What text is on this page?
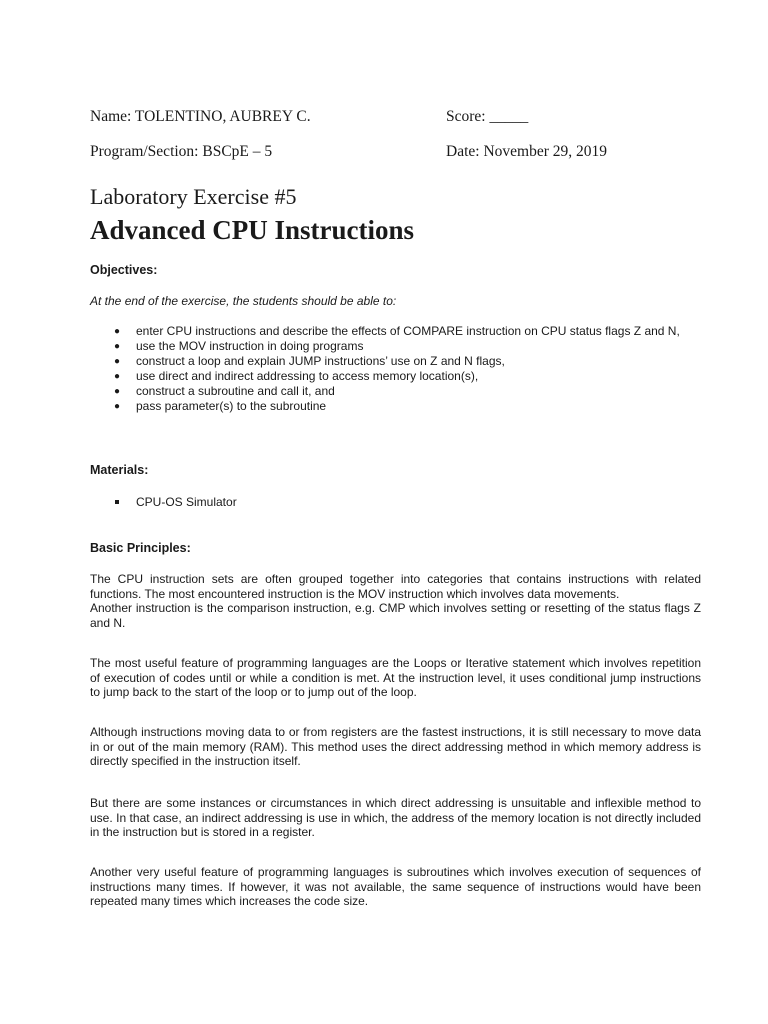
Name: TOLENTINO, AUBREY C.	Score: _____
Program/Section: BSCpE – 5	Date: November 29, 2019
Laboratory Exercise #5
Advanced CPU Instructions
Objectives:
At the end of the exercise, the students should be able to:
● enter CPU instructions and describe the effects of COMPARE instruction on CPU status flags Z and N,
● use the MOV instruction in doing programs
● construct a loop and explain JUMP instructions’ use on Z and N flags,
● use direct and indirect addressing to access memory location(s),
● construct a subroutine and call it, and
● pass parameter(s) to the subroutine
Materials:
CPU-OS Simulator
Basic Principles:
The CPU instruction sets are often grouped together into categories that contains instructions with related functions. The most encountered instruction is the MOV instruction which involves data movements.
Another instruction is the comparison instruction, e.g. CMP which involves setting or resetting of the status flags Z and N.
The most useful feature of programming languages are the Loops or Iterative statement which involves repetition of execution of codes until or while a condition is met. At the instruction level, it uses conditional jump instructions to jump back to the start of the loop or to jump out of the loop.
Although instructions moving data to or from registers are the fastest instructions, it is still necessary to move data in or out of the main memory (RAM). This method uses the direct addressing method in which memory address is directly specified in the instruction itself.
But there are some instances or circumstances in which direct addressing is unsuitable and inflexible method to use. In that case, an indirect addressing is use in which, the address of the memory location is not directly included in the instruction but is stored in a register.
Another very useful feature of programming languages is subroutines which involves execution of sequences of instructions many times. If however, it was not available, the same sequence of instructions would have been repeated many times which increases the code size.
